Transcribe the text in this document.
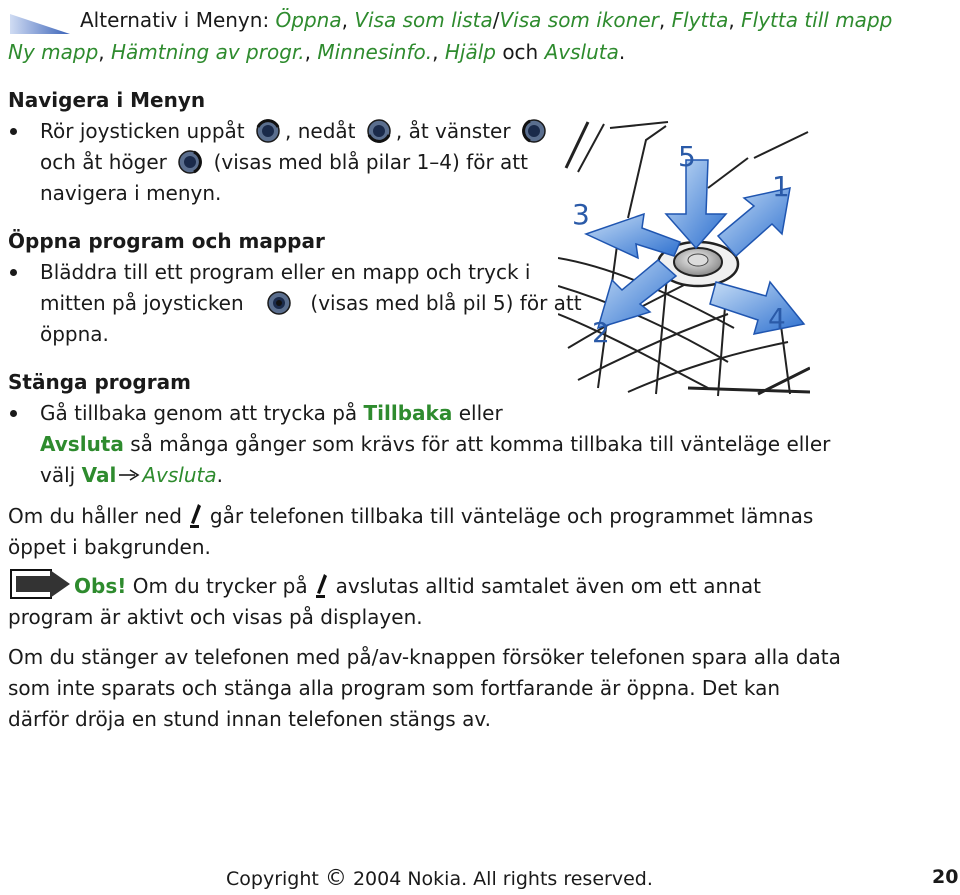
Alternativ i Menyn: Öppna, Visa som lista/Visa som ikoner, Flytta, Flytta till mapp
Ny mapp, Hämtning av progr., Minnesinfo., Hjälp och Avsluta.
Navigera i Menyn
Rör joysticken uppåt , nedåt , åt vänster
och åt höger (visas med blå pilar 1–4) för att
navigera i menyn.
Öppna program och mappar
Bläddra till ett program eller en mapp och tryck i
mitten på joysticken	(visas med blå pil 5) för att
öppna.
5
1
3
2	4
Stänga program
Gå tillbaka genom att trycka på Tillbaka eller
Avsluta så många gånger som krävs för att komma tillbaka till vänteläge eller
välj Val Avsluta.
Om du håller ned går telefonen tillbaka till vänteläge och programmet lämnas
öppet i bakgrunden.
Obs! Om du trycker på avslutas alltid samtalet även om ett annat
program är aktivt och visas på displayen.
Om du stänger av telefonen med på/av-knappen försöker telefonen spara alla data
som inte sparats och stänga alla program som fortfarande är öppna. Det kan
därför dröja en stund innan telefonen stängs av.
Copyright © 2004 Nokia. All rights reserved.	20
